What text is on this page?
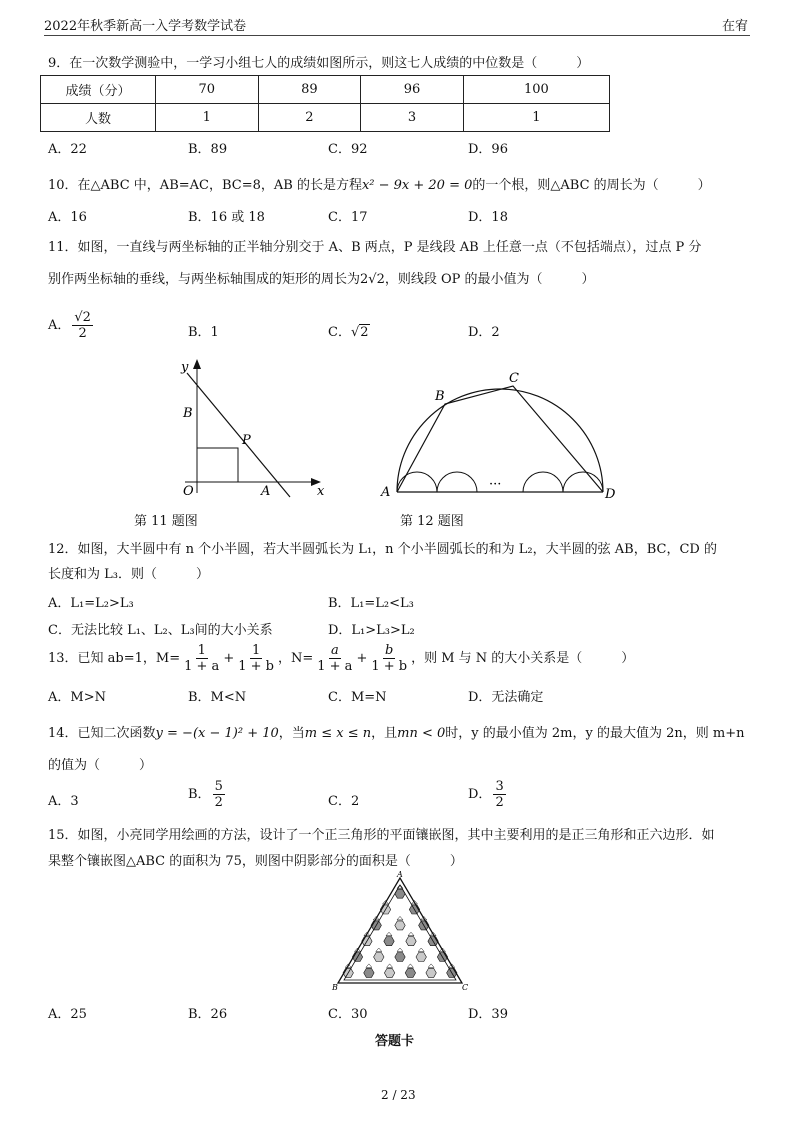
2022年秋季新高一入学考数学试卷	在宥
9．在一次数学测验中，一学习小组七人的成绩如图所示，则这七人成绩的中位数是（　　　）
成绩（分）	70	89	96	100
人数	1	2	3	1
A．22	B．89	C．92	D．96
10．在△ABC 中，AB=AC，BC=8，AB 的长是方程x² − 9x + 20 = 0的一个根，则△ABC 的周长为（　　　）
A．16	B．16 或 18	C．17	D．18
11．如图，一直线与两坐标轴的正半轴分别交于 A、B 两点，P 是线段 AB 上任意一点（不包括端点），过点 P 分
别作两坐标轴的垂线，与两坐标轴围成的矩形的周长为2√2，则线段 OP 的最小值为（　　　）
A． $\frac{√2}{2}$	B．1	C．√2	D．2
y
x
B
P
O	A
第 11 题图
···
A
B
C
D
第 12 题图
12．如图，大半圆中有 n 个小半圆，若大半圆弧长为 L₁，n 个小半圆弧长的和为 L₂，大半圆的弦 AB，BC，CD 的
长度和为 L₃．则（　　　）
A．L₁=L₂>L₃	B．L₁=L₂<L₃
C．无法比较 L₁、L₂、L₃间的大小关系	D．L₁>L₃>L₂
13．已知 ab=1，$M= \frac{1}{1 + a} + \frac{1}{1 + b}$ ，$N= \frac{a}{1 + a} + \frac{b}{1 + b}$ ，则 M 与 N 的大小关系是（　　　）
A．M>N	B．M<N	C．M=N	D．无法确定
14．已知二次函数y = −(x − 1)² + 10，当m ≤ x ≤ n，且mn < 0时，y 的最小值为 2m，y 的最大值为 2n，则 m+n
的值为（　　　）
A．3	B． $\frac{5}{2}$	C．2	D． $\frac{3}{2}$
15．如图，小亮同学用绘画的方法，设计了一个正三角形的平面镶嵌图，其中主要利用的是正三角形和正六边形．如
果整个镶嵌图△ABC 的面积为 75，则图中阴影部分的面积是（　　　）
A
B	C
A．25	B．26	C．30	D．39
答题卡
2 / 23
